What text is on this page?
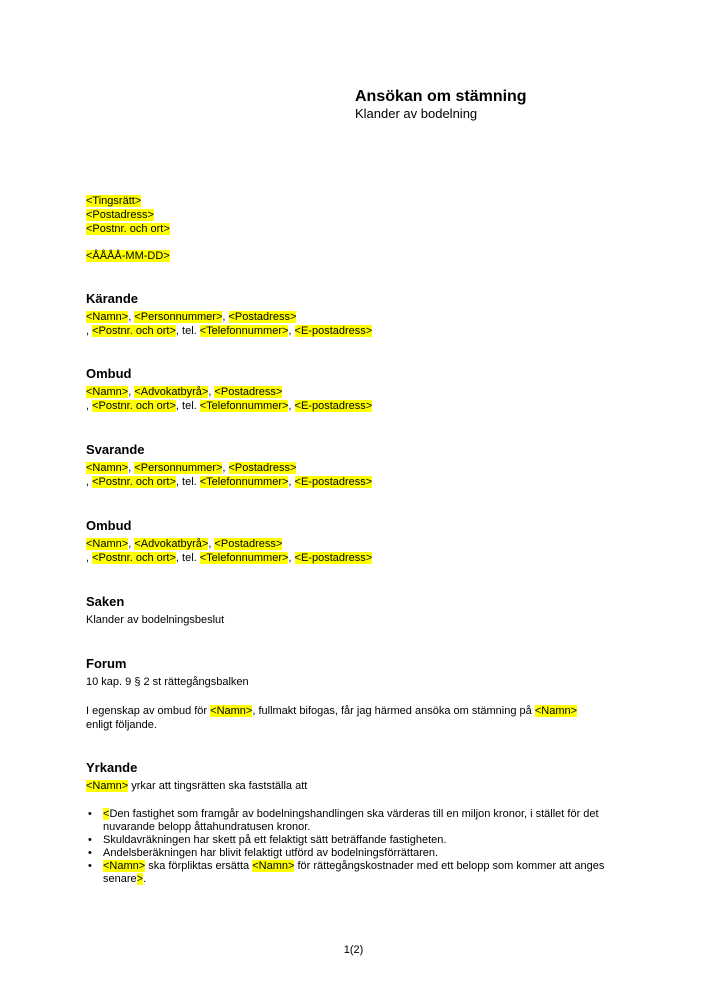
Ansökan om stämning
Klander av bodelning
<Tingsrätt>
<Postadress>
<Postnr. och ort>
<ÅÅÅÅ-MM-DD>
Kärande
<Namn>, <Personnummer>, <Postadress>
, <Postnr. och ort>, tel. <Telefonnummer>, <E-postadress>
Ombud
<Namn>, <Advokatbyrå>, <Postadress>
, <Postnr. och ort>, tel. <Telefonnummer>, <E-postadress>
Svarande
<Namn>, <Personnummer>, <Postadress>
, <Postnr. och ort>, tel. <Telefonnummer>, <E-postadress>
Ombud
<Namn>, <Advokatbyrå>, <Postadress>
, <Postnr. och ort>, tel. <Telefonnummer>, <E-postadress>
Saken
Klander av bodelningsbeslut
Forum
10 kap. 9 § 2 st rättegångsbalken
I egenskap av ombud för <Namn>, fullmakt bifogas, får jag härmed ansöka om stämning på <Namn>
enligt följande.
Yrkande
<Namn> yrkar att tingsrätten ska fastställa att
• <Den fastighet som framgår av bodelningshandlingen ska värderas till en miljon kronor, i stället för det nuvarande belopp åttahundratusen kronor.
• Skuldavräkningen har skett på ett felaktigt sätt beträffande fastigheten.
• Andelsberäkningen har blivit felaktigt utförd av bodelningsförrättaren.
• <Namn> ska förpliktas ersätta <Namn> för rättegångskostnader med ett belopp som kommer att anges senare>.
1(2)
